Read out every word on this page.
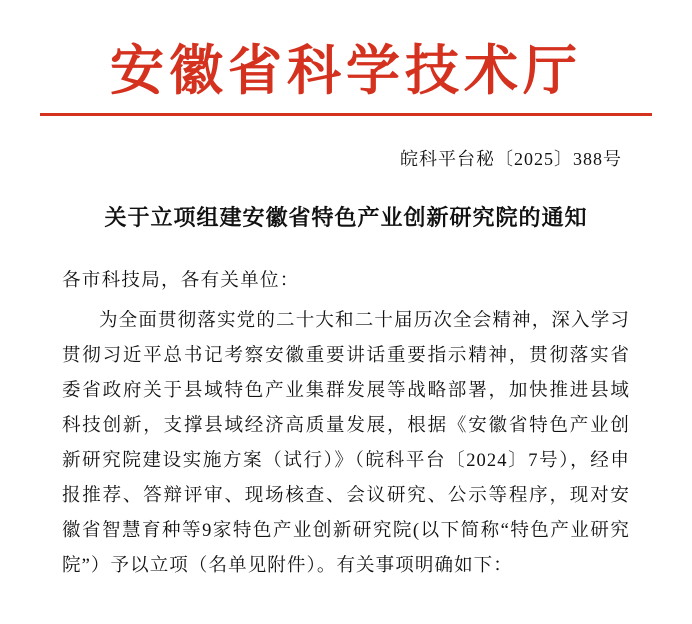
安徽省科学技术厅
皖科平台秘〔2025〕388号
关于立项组建安徽省特色产业创新研究院的通知
各市科技局，各有关单位：

为全面贯彻落实党的二十大和二十届历次全会精神，深入学习贯彻习近平总书记考察安徽重要讲话重要指示精神，贯彻落实省委省政府关于县域特色产业集群发展等战略部署，加快推进县域科技创新，支撑县域经济高质量发展，根据《安徽省特色产业创新研究院建设实施方案（试行）》（皖科平台〔2024〕7号），经申报推荐、答辩评审、现场核查、会议研究、公示等程序，现对安徽省智慧育种等9家特色产业创新研究院(以下简称“特色产业研究院”）予以立项（名单见附件）。有关事项明确如下：
